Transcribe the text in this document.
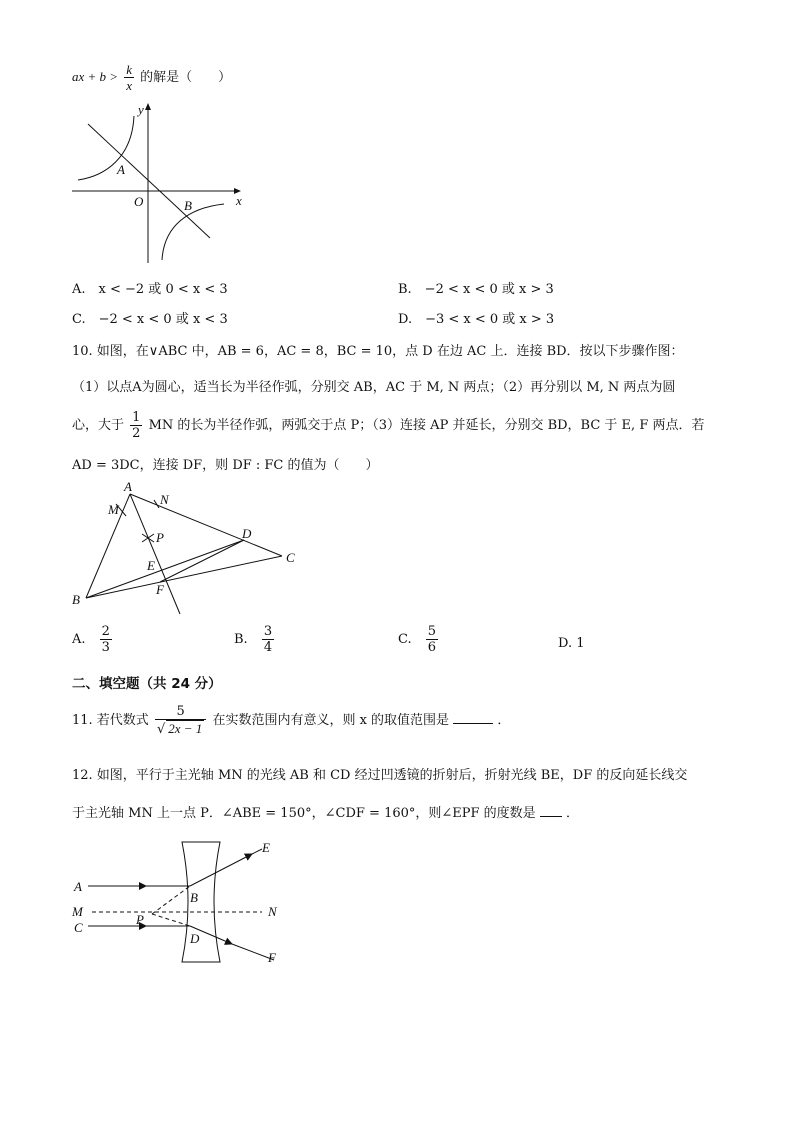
ax + $b > \frac{k}{x}$ 的解是（　　）
y
x
O
A
B
A.　x < −2 或 0 < x < 3	B.　−2 < x < 0 或 x > 3
C.　−2 < x < 0 或 x < 3	D.　−3 < x < 0 或 x > 3
10. 如图，在∨ABC 中，AB = 6，AC = 8，BC = 10，点 D 在边 AC 上．连接 BD．按以下步骤作图：
（1）以点A为圆心，适当长为半径作弧，分别交 AB，AC 于 M, N 两点；（2）再分别以 M, N 两点为圆
心，大于 $\frac{1}{2}$ MN 的长为半径作弧，两弧交于点 P；（3）连接 AP 并延长，分别交 BD，BC 于 E, F 两点．若
AD = 3DC，连接 DF，则 DF : FC 的值为（　　）
A
N
M
P	D
C
E
F
B
A. $\frac{2}{3}$	B. $\frac{3}{4}$	C. $\frac{5}{6}$	D. 1
二、填空题（共 24 分）
11. 若代数式 $\frac{5}{√ 2x - 1}$ 在实数范围内有意义，则 x 的取值范围是	．
12. 如图，平行于主光轴 MN 的光线 AB 和 CD 经过凹透镜的折射后，折射光线 BE，DF 的反向延长线交
于主光轴 MN 上一点 P．∠ABE = 150°，∠CDF = 160°，则∠EPF 的度数是 ．
A
B
E
M
P
N
C
D
F
